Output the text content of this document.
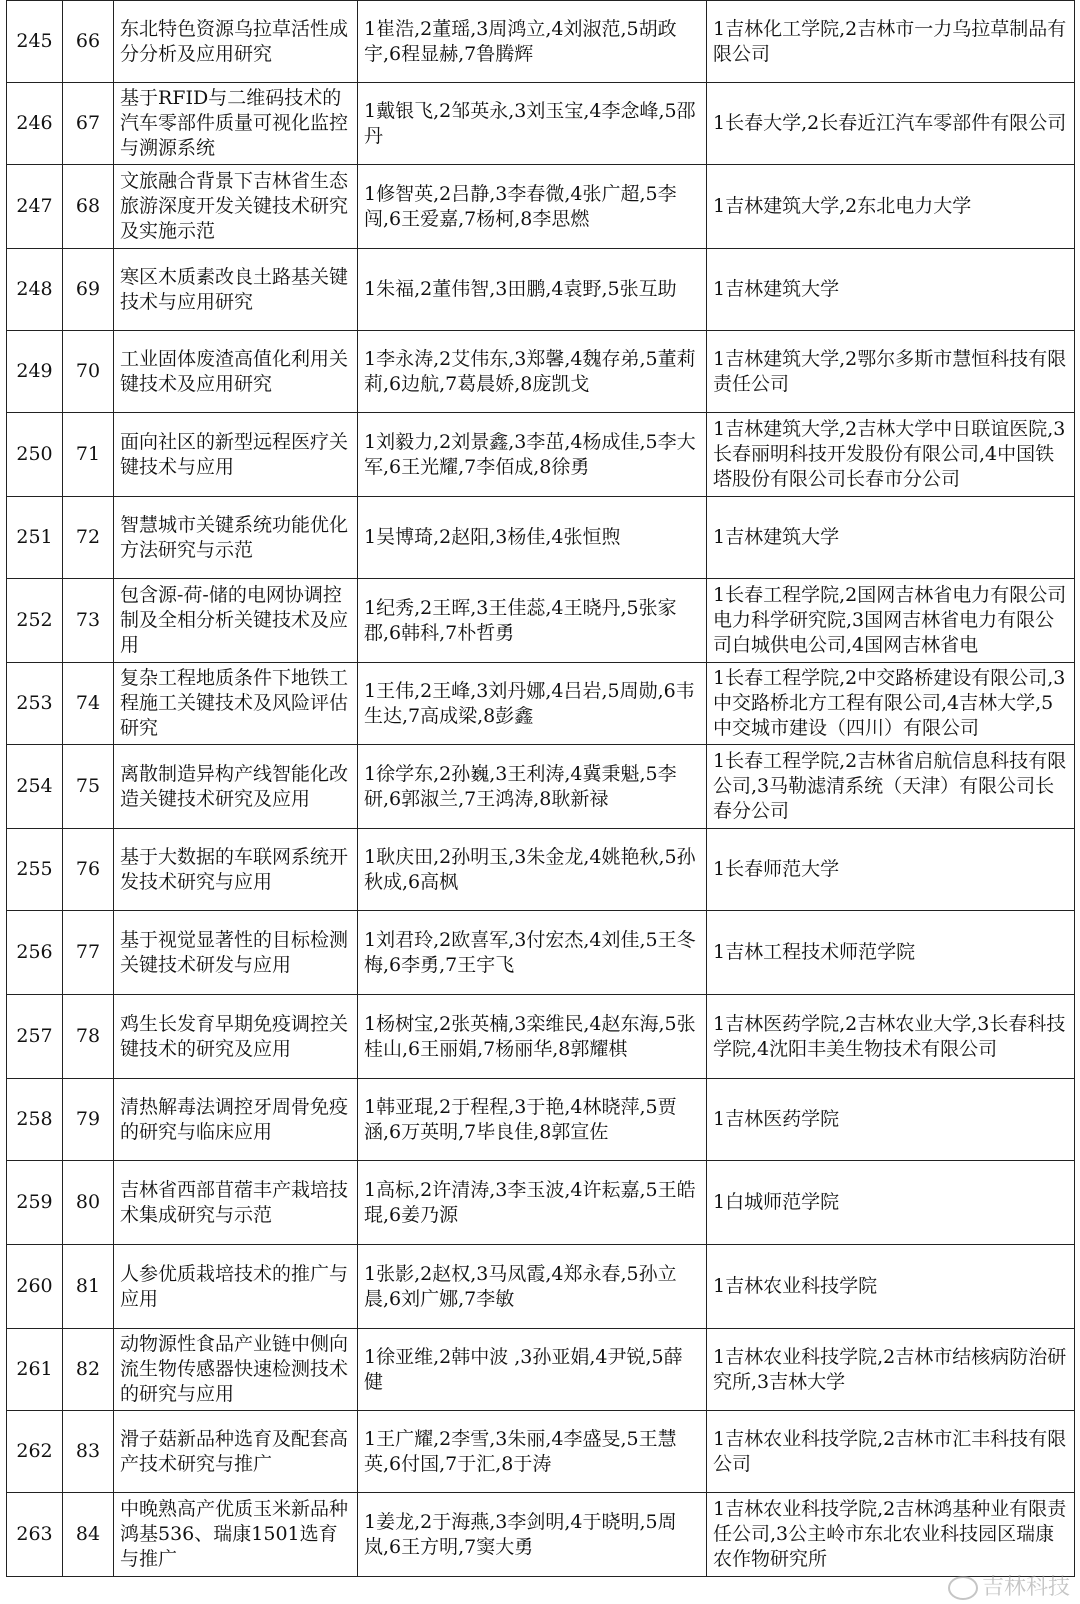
245	66	东北特色资源乌拉草活性成分分析及应用研究	1崔浩,2董瑶,3周鸿立,4刘淑范,5胡政宇,6程显赫,7鲁腾辉	1吉林化工学院,2吉林市一力乌拉草制品有限公司
246	67	基于RFID与二维码技术的汽车零部件质量可视化监控与溯源系统	1戴银飞,2邹英永,3刘玉宝,4李念峰,5邵丹	1长春大学,2长春近江汽车零部件有限公司
247	68	文旅融合背景下吉林省生态旅游深度开发关键技术研究及实施示范	1修智英,2吕静,3李春微,4张广超,5李闯,6王爱嘉,7杨柯,8李思燃	1吉林建筑大学,2东北电力大学
248	69	寒区木质素改良土路基关键技术与应用研究	1朱福,2董伟智,3田鹏,4袁野,5张互助	1吉林建筑大学
249	70	工业固体废渣高值化利用关键技术及应用研究	1李永涛,2艾伟东,3郑馨,4魏存弟,5董莉莉,6边航,7葛晨娇,8庞凯戈	1吉林建筑大学,2鄂尔多斯市慧恒科技有限责任公司
250	71	面向社区的新型远程医疗关键技术与应用	1刘毅力,2刘景鑫,3李茁,4杨成佳,5李大军,6王光耀,7李佰成,8徐勇	1吉林建筑大学,2吉林大学中日联谊医院,3长春丽明科技开发股份有限公司,4中国铁塔股份有限公司长春市分公司
251	72	智慧城市关键系统功能优化方法研究与示范	1吴博琦,2赵阳,3杨佳,4张恒煦	1吉林建筑大学
252	73	包含源-荷-储的电网协调控制及全相分析关键技术及应用	1纪秀,2王晖,3王佳蕊,4王晓丹,5张家郡,6韩科,7朴哲勇	1长春工程学院,2国网吉林省电力有限公司电力科学研究院,3国网吉林省电力有限公司白城供电公司,4国网吉林省电
253	74	复杂工程地质条件下地铁工程施工关键技术及风险评估研究	1王伟,2王峰,3刘丹娜,4吕岩,5周勋,6韦生达,7高成梁,8彭鑫	1长春工程学院,2中交路桥建设有限公司,3中交路桥北方工程有限公司,4吉林大学,5中交城市建设（四川）有限公司
254	75	离散制造异构产线智能化改造关键技术研究及应用	1徐学东,2孙巍,3王利涛,4冀秉魁,5李研,6郭淑兰,7王鸿涛,8耿新禄	1长春工程学院,2吉林省启航信息科技有限公司,3马勒滤清系统（天津）有限公司长春分公司
255	76	基于大数据的车联网系统开发技术研究与应用	1耿庆田,2孙明玉,3朱金龙,4姚艳秋,5孙秋成,6高枫	1长春师范大学
256	77	基于视觉显著性的目标检测关键技术研发与应用	1刘君玲,2欧喜军,3付宏杰,4刘佳,5王冬梅,6李勇,7王宇飞	1吉林工程技术师范学院
257	78	鸡生长发育早期免疫调控关键技术的研究及应用	1杨树宝,2张英楠,3栾维民,4赵东海,5张桂山,6王丽娟,7杨丽华,8郭耀棋	1吉林医药学院,2吉林农业大学,3长春科技学院,4沈阳丰美生物技术有限公司
258	79	清热解毒法调控牙周骨免疫的研究与临床应用	1韩亚琨,2于程程,3于艳,4林晓萍,5贾涵,6万英明,7毕良佳,8郭宣佐	1吉林医药学院
259	80	吉林省西部苜蓿丰产栽培技术集成研究与示范	1高标,2许清涛,3李玉波,4许耘嘉,5王皓琨,6姜乃源	1白城师范学院
260	81	人参优质栽培技术的推广与应用	1张影,2赵权,3马凤霞,4郑永春,5孙立晨,6刘广娜,7李敏	1吉林农业科技学院
261	82	动物源性食品产业链中侧向流生物传感器快速检测技术的研究与应用	1徐亚维,2韩中波 ,3孙亚娟,4尹锐,5薛健	1吉林农业科技学院,2吉林市结核病防治研究所,3吉林大学
262	83	滑子菇新品种选育及配套高产技术研究与推广	1王广耀,2李雪,3朱丽,4李盛旻,5王慧英,6付国,7于汇,8于涛	1吉林农业科技学院,2吉林市汇丰科技有限公司
263	84	中晚熟高产优质玉米新品种鸿基536、瑞康1501选育与推广	1姜龙,2于海燕,3李剑明,4于晓明,5周岚,6王方明,7窦大勇	1吉林农业科技学院,2吉林鸿基种业有限责任公司,3公主岭市东北农业科技园区瑞康农作物研究所
吉林科技
